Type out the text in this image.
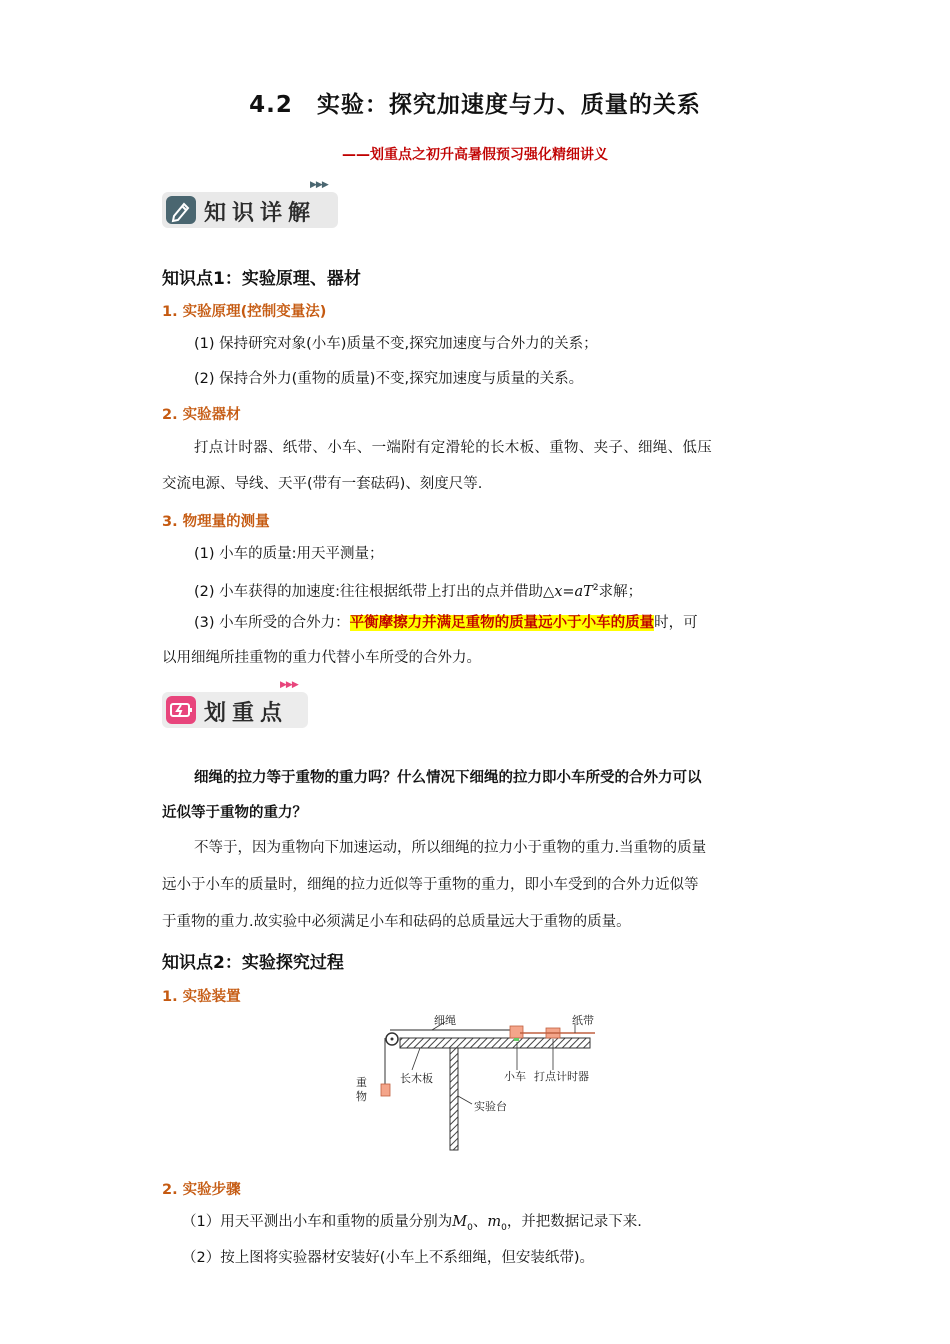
4.2　实验：探究加速度与力、质量的关系
——划重点之初升高暑假预习强化精细讲义
知识详解
▶▶▶
知识点1：实验原理、器材
1. 实验原理(控制变量法)
(1) 保持研究对象(小车)质量不变,探究加速度与合外力的关系；
(2) 保持合外力(重物的质量)不变,探究加速度与质量的关系。
2. 实验器材
打点计时器、纸带、小车、一端附有定滑轮的长木板、重物、夹子、细绳、低压
交流电源、导线、天平(带有一套砝码)、刻度尺等.
3. 物理量的测量
(1) 小车的质量:用天平测量；
(2) 小车获得的加速度:往往根据纸带上打出的点并借助$\triangle x=aT^2$求解；
(3) 小车所受的合外力：平衡摩擦力并满足重物的质量远小于小车的质量时，可
以用细绳所挂重物的重力代替小车所受的合外力。
划重点
▶▶▶
细绳的拉力等于重物的重力吗？什么情况下细绳的拉力即小车所受的合外力可以
近似等于重物的重力？
不等于，因为重物向下加速运动，所以细绳的拉力小于重物的重力.当重物的质量
远小于小车的质量时，细绳的拉力近似等于重物的重力，即小车受到的合外力近似等
于重物的重力.故实验中必须满足小车和砝码的总质量远大于重物的质量。
知识点2：实验探究过程
1. 实验装置
细绳	纸带
重
物
长木板	小车 打点计时器
实验台
2. 实验步骤
（1）用天平测出小车和重物的质量分别为$M_0$、$m_0$，并把数据记录下来.
（2）按上图将实验器材安装好(小车上不系细绳，但安装纸带)。
